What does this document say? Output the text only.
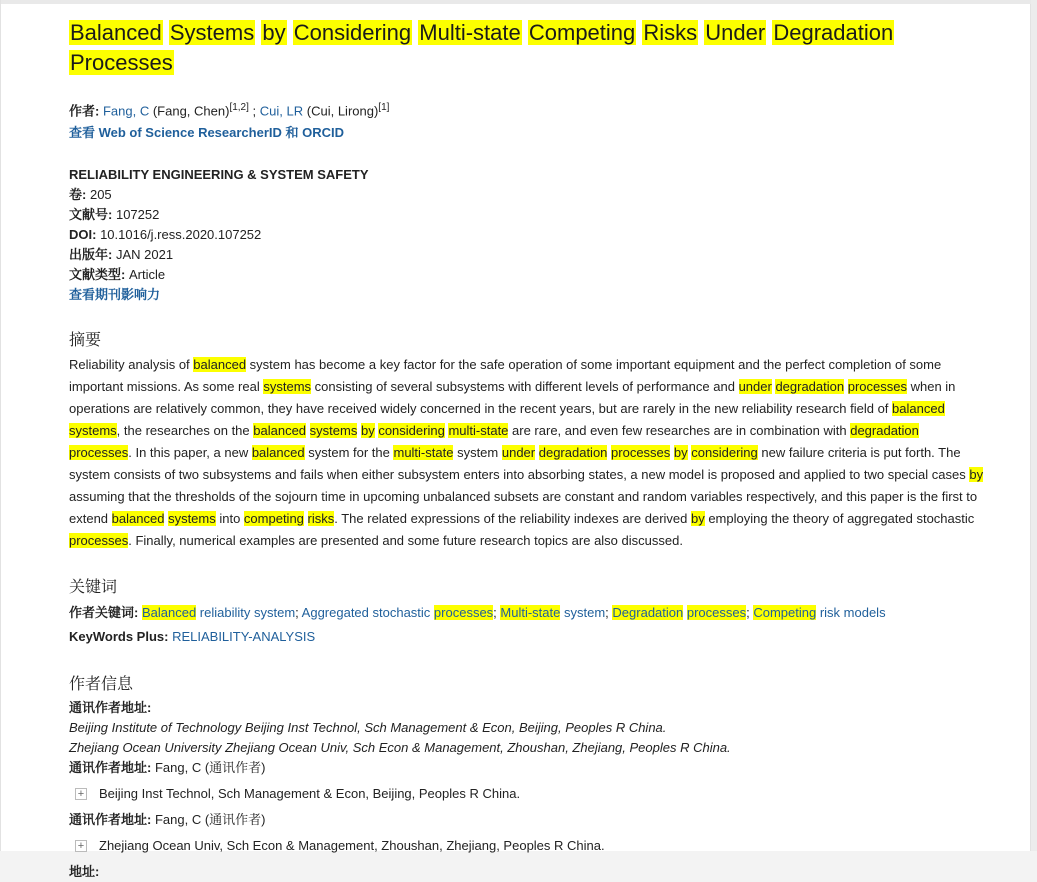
Balanced Systems by Considering Multi-state Competing Risks Under Degradation Processes
作者: Fang, C (Fang, Chen)[1,2] ; Cui, LR (Cui, Lirong)[1]
查看 Web of Science ResearcherID 和 ORCID
RELIABILITY ENGINEERING & SYSTEM SAFETY
卷: 205
文献号: 107252
DOI: 10.1016/j.ress.2020.107252
出版年: JAN 2021
文献类型: Article
查看期刊影响力
摘要

Reliability analysis of balanced system has become a key factor for the safe operation of some important equipment and the perfect completion of some important missions. As some real systems consisting of several subsystems with different levels of performance and under degradation processes when in operations are relatively common, they have received widely concerned in the recent years, but are rarely in the new reliability research field of balanced systems, the researches on the balanced systems by considering multi-state are rare, and even few researches are in combination with degradation processes. In this paper, a new balanced system for the multi-state system under degradation processes by considering new failure criteria is put forth. The system consists of two subsystems and fails when either subsystem enters into absorbing states, a new model is proposed and applied to two special cases by assuming that the thresholds of the sojourn time in upcoming unbalanced subsets are constant and random variables respectively, and this paper is the first to extend balanced systems into competing risks. The related expressions of the reliability indexes are derived by employing the theory of aggregated stochastic processes. Finally, numerical examples are presented and some future research topics are also discussed.

关键词
作者关键词: Balanced reliability system; Aggregated stochastic processes; Multi-state system; Degradation processes; Competing risk models
KeyWords Plus: RELIABILITY-ANALYSIS
作者信息
通讯作者地址:
Beijing Institute of Technology Beijing Inst Technol, Sch Management & Econ, Beijing, Peoples R China.
Zhejiang Ocean University Zhejiang Ocean Univ, Sch Econ & Management, Zhoushan, Zhejiang, Peoples R China.
通讯作者地址: Fang, C (通讯作者)
+ Beijing Inst Technol, Sch Management & Econ, Beijing, Peoples R China.
通讯作者地址: Fang, C (通讯作者)
+ Zhejiang Ocean Univ, Sch Econ & Management, Zhoushan, Zhejiang, Peoples R China.
地址:
